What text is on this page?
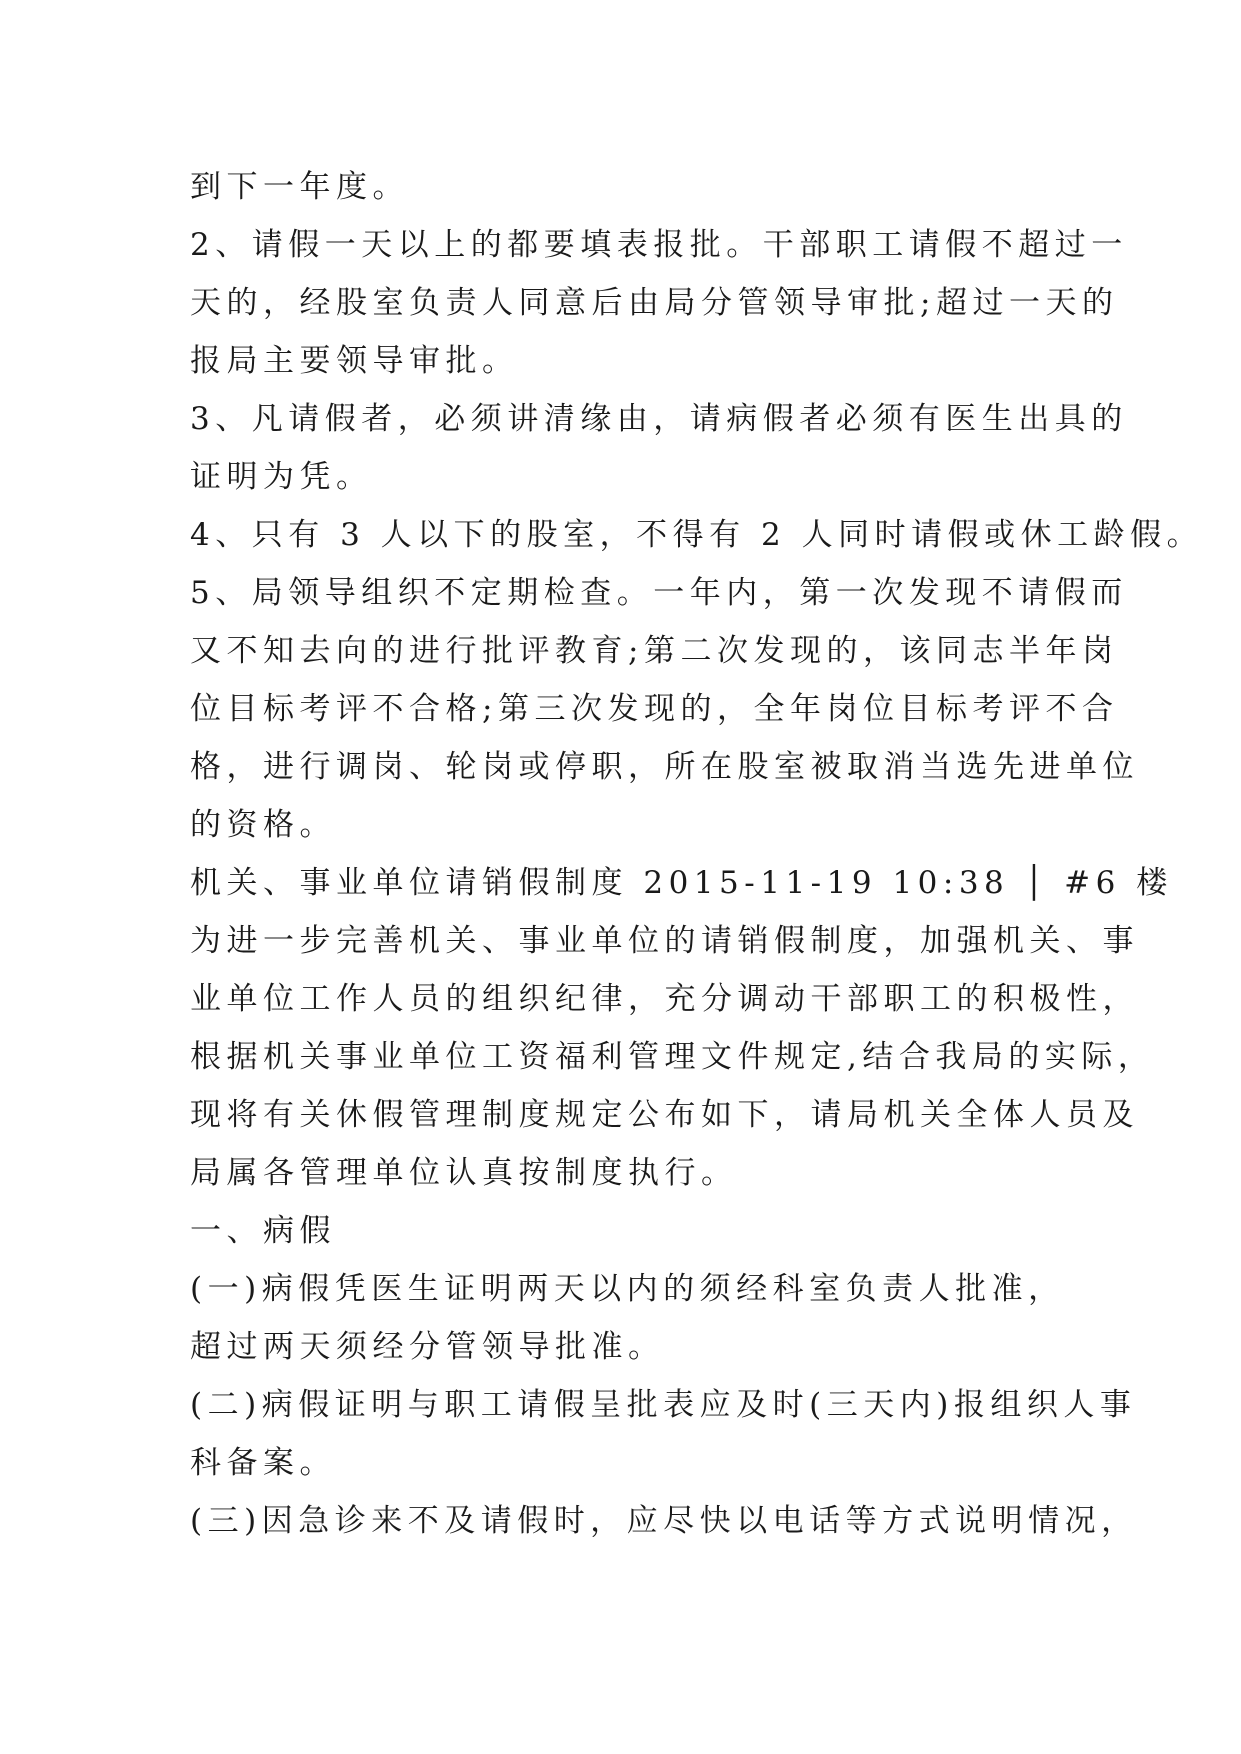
到下一年度。
2、请假一天以上的都要填表报批。干部职工请假不超过一
天的，经股室负责人同意后由局分管领导审批;超过一天的
报局主要领导审批。
3、凡请假者，必须讲清缘由，请病假者必须有医生出具的
证明为凭。
4、只有 3 人以下的股室，不得有 2 人同时请假或休工龄假。
5、局领导组织不定期检查。一年内，第一次发现不请假而
又不知去向的进行批评教育;第二次发现的，该同志半年岗
位目标考评不合格;第三次发现的，全年岗位目标考评不合
格，进行调岗、轮岗或停职，所在股室被取消当选先进单位
的资格。
机关、事业单位请销假制度 2015-11-19 10:38 │ #6 楼
为进一步完善机关、事业单位的请销假制度，加强机关、事
业单位工作人员的组织纪律，充分调动干部职工的积极性，
根据机关事业单位工资福利管理文件规定,结合我局的实际，
现将有关休假管理制度规定公布如下，请局机关全体人员及
局属各管理单位认真按制度执行。
一、病假
(一)病假凭医生证明两天以内的须经科室负责人批准，
超过两天须经分管领导批准。
(二)病假证明与职工请假呈批表应及时(三天内)报组织人事
科备案。
(三)因急诊来不及请假时，应尽快以电话等方式说明情况，
